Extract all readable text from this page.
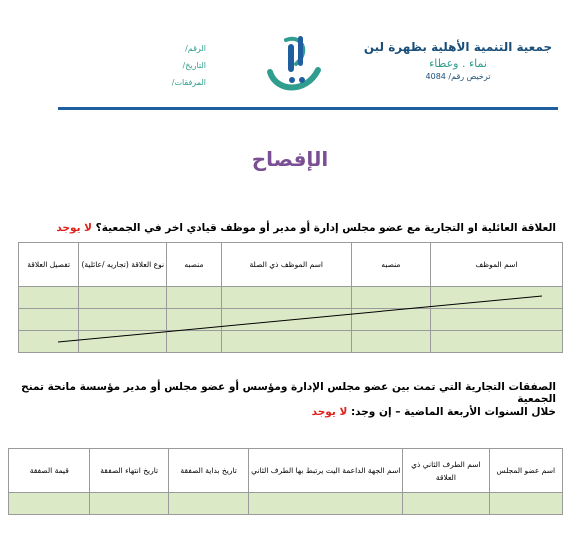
جمعية التنمية الأهلية بظهرة لبن
نماء . وعطاء
ترخيص رقم/ 4084
الرقم/
التاريخ/
المرفقات/
الإفصاح
العلاقة العائلية او التجارية مع عضو مجلس إدارة أو مدير أو موظف قيادي اخر في الجمعية؟ لا يوجد
اسم الموظف	منصبه	اسم الموظف ذي الصلة	منصبه	نوع العلاقة (تجاريه /عائلية)	تفصيل العلاقة

الصفقات التجارية التي تمت بين عضو مجلس الإدارة ومؤسس أو عضو مجلس أو مدير مؤسسة مانحة تمنح الجمعية
خلال السنوات الأربعة الماضية – إن وجد: لا يوجد
اسم عضو المجلس	اسم الطرف الثاني ذي العلاقة	اسم الجهة الداعمة اليت يرتبط بها الطرف الثاني	تاريخ بداية الصفقة	تاريخ انتهاء الصفقة	قيمة الصفقة
